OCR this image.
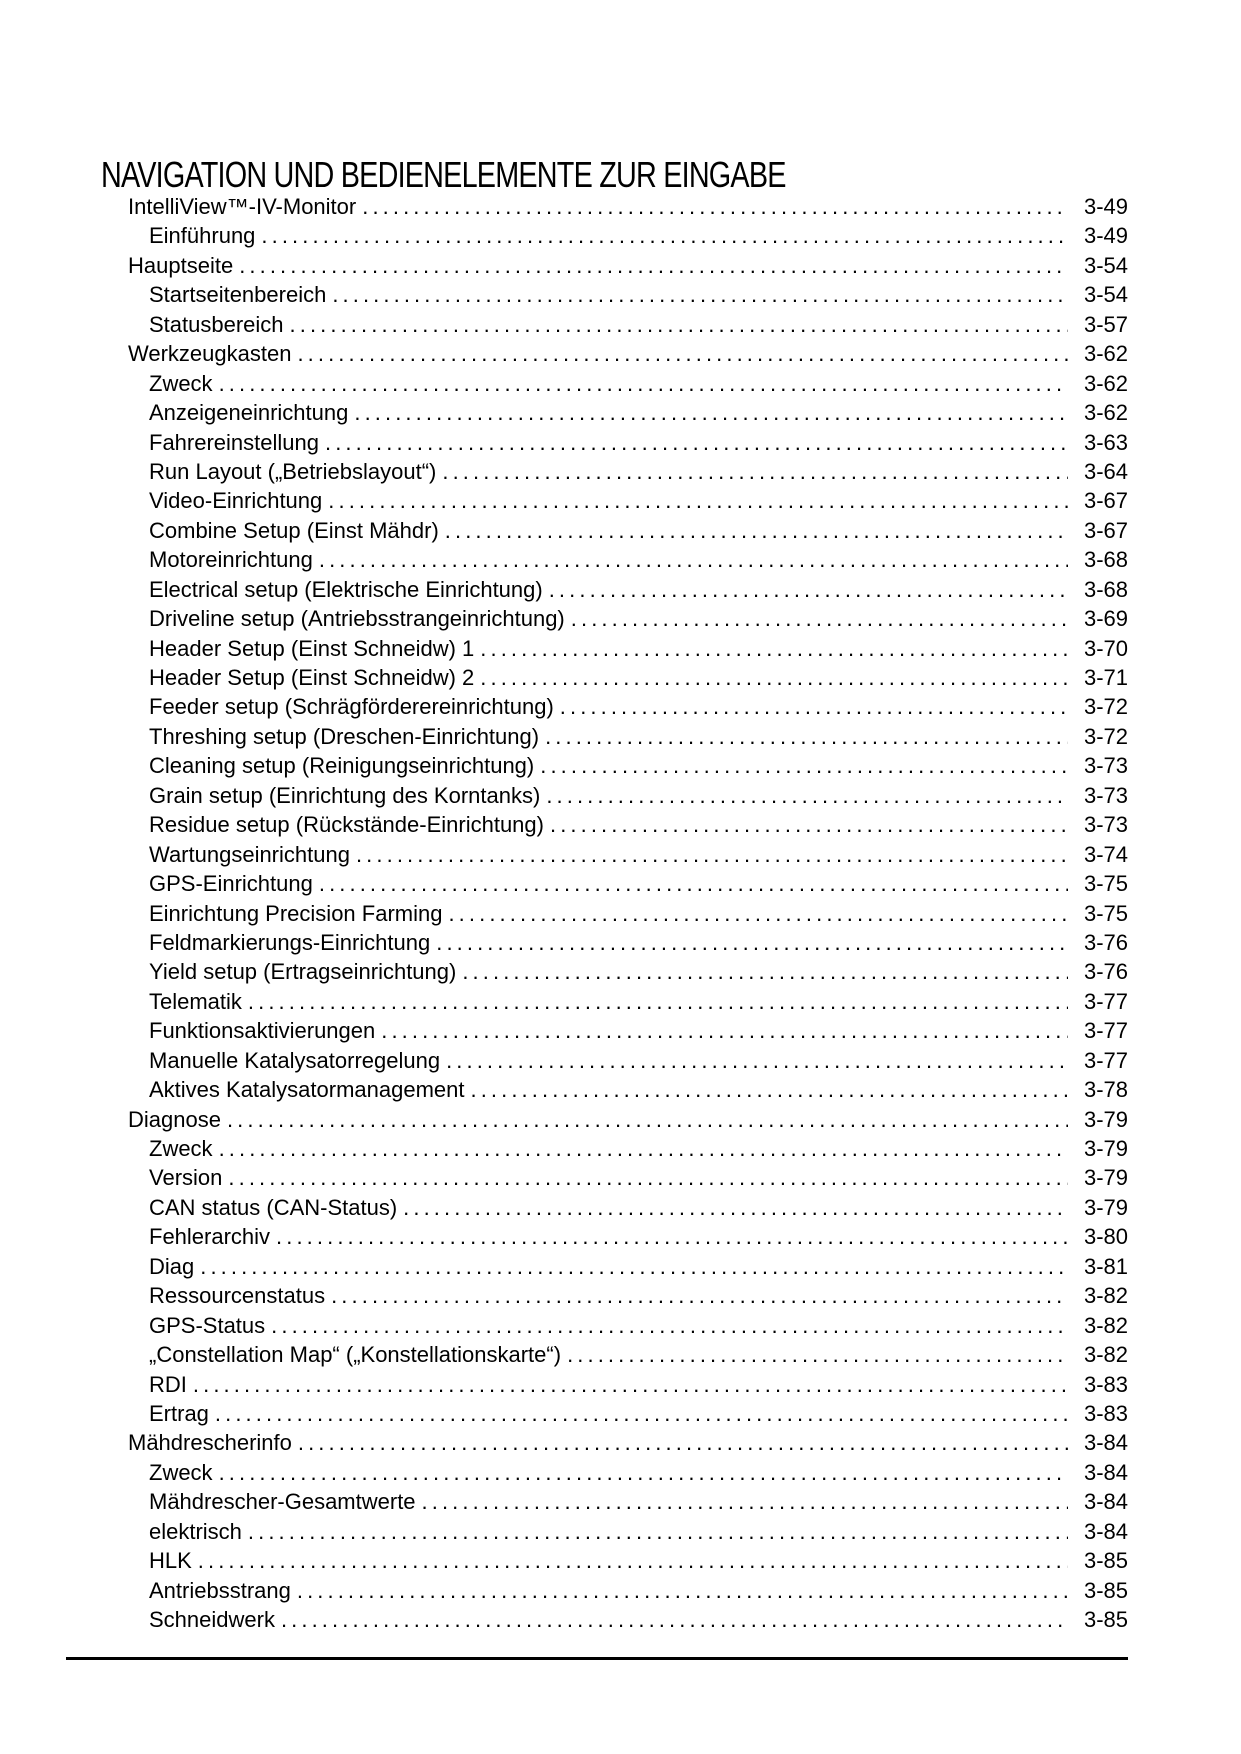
NAVIGATION UND BEDIENELEMENTE ZUR EINGABE
IntelliView™-IV-Monitor .....	3-49
Einführung .....	3-49
Hauptseite .....	3-54
Startseitenbereich .....	3-54
Statusbereich .....	3-57
Werkzeugkasten .....	3-62
Zweck .....	3-62
Anzeigeneinrichtung .....	3-62
Fahrereinstellung .....	3-63
Run Layout („Betriebslayout“) .....	3-64
Video-Einrichtung .....	3-67
Combine Setup (Einst Mähdr) .....	3-67
Motoreinrichtung .....	3-68
Electrical setup (Elektrische Einrichtung) .....	3-68
Driveline setup (Antriebsstrangeinrichtung) .....	3-69
Header Setup (Einst Schneidw) 1 .....	3-70
Header Setup (Einst Schneidw) 2 .....	3-71
Feeder setup (Schrägförderereinrichtung) .....	3-72
Threshing setup (Dreschen-Einrichtung) .....	3-72
Cleaning setup (Reinigungseinrichtung) .....	3-73
Grain setup (Einrichtung des Korntanks) .....	3-73
Residue setup (Rückstände-Einrichtung) .....	3-73
Wartungseinrichtung .....	3-74
GPS-Einrichtung .....	3-75
Einrichtung Precision Farming .....	3-75
Feldmarkierungs-Einrichtung .....	3-76
Yield setup (Ertragseinrichtung) .....	3-76
Telematik .....	3-77
Funktionsaktivierungen .....	3-77
Manuelle Katalysatorregelung .....	3-77
Aktives Katalysatormanagement .....	3-78
Diagnose .....	3-79
Zweck .....	3-79
Version .....	3-79
CAN status (CAN-Status) .....	3-79
Fehlerarchiv .....	3-80
Diag .....	3-81
Ressourcenstatus .....	3-82
GPS-Status .....	3-82
„Constellation Map“ („Konstellationskarte“) .....	3-82
RDI .....	3-83
Ertrag .....	3-83
Mähdrescherinfo .....	3-84
Zweck .....	3-84
Mähdrescher-Gesamtwerte .....	3-84
elektrisch .....	3-84
HLK .....	3-85
Antriebsstrang .....	3-85
Schneidwerk .....	3-85
